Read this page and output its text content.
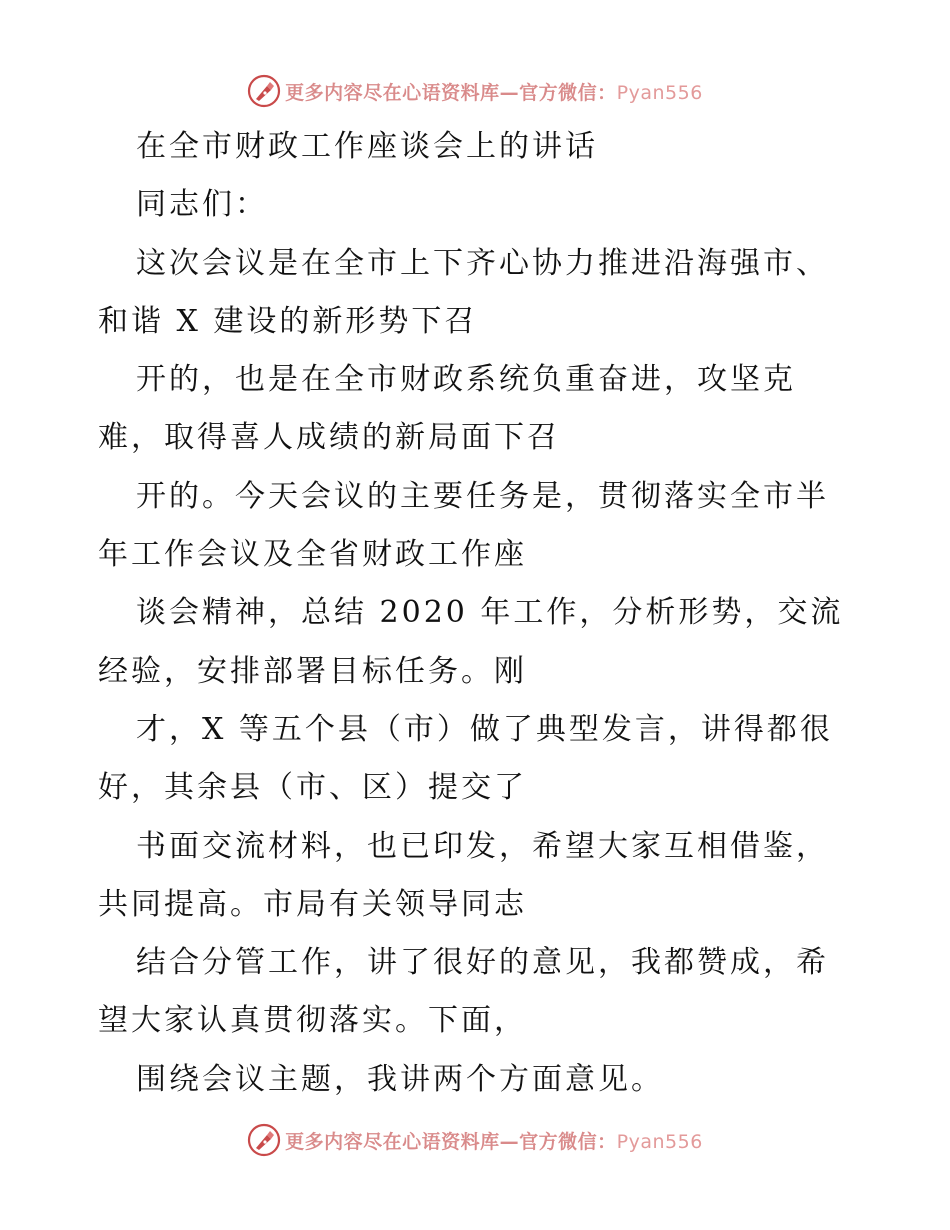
更多内容尽在心语资料库—官方微信：Pyan556
在全市财政工作座谈会上的讲话
同志们：
这次会议是在全市上下齐心协力推进沿海强市、
和谐 X 建设的新形势下召
开的，也是在全市财政系统负重奋进，攻坚克
难，取得喜人成绩的新局面下召
开的。今天会议的主要任务是，贯彻落实全市半
年工作会议及全省财政工作座
谈会精神，总结 2020 年工作，分析形势，交流
经验，安排部署目标任务。刚
才，X 等五个县（市）做了典型发言，讲得都很
好，其余县（市、区）提交了
书面交流材料，也已印发，希望大家互相借鉴，
共同提高。市局有关领导同志
结合分管工作，讲了很好的意见，我都赞成，希
望大家认真贯彻落实。下面，
围绕会议主题，我讲两个方面意见。
更多内容尽在心语资料库—官方微信：Pyan556
